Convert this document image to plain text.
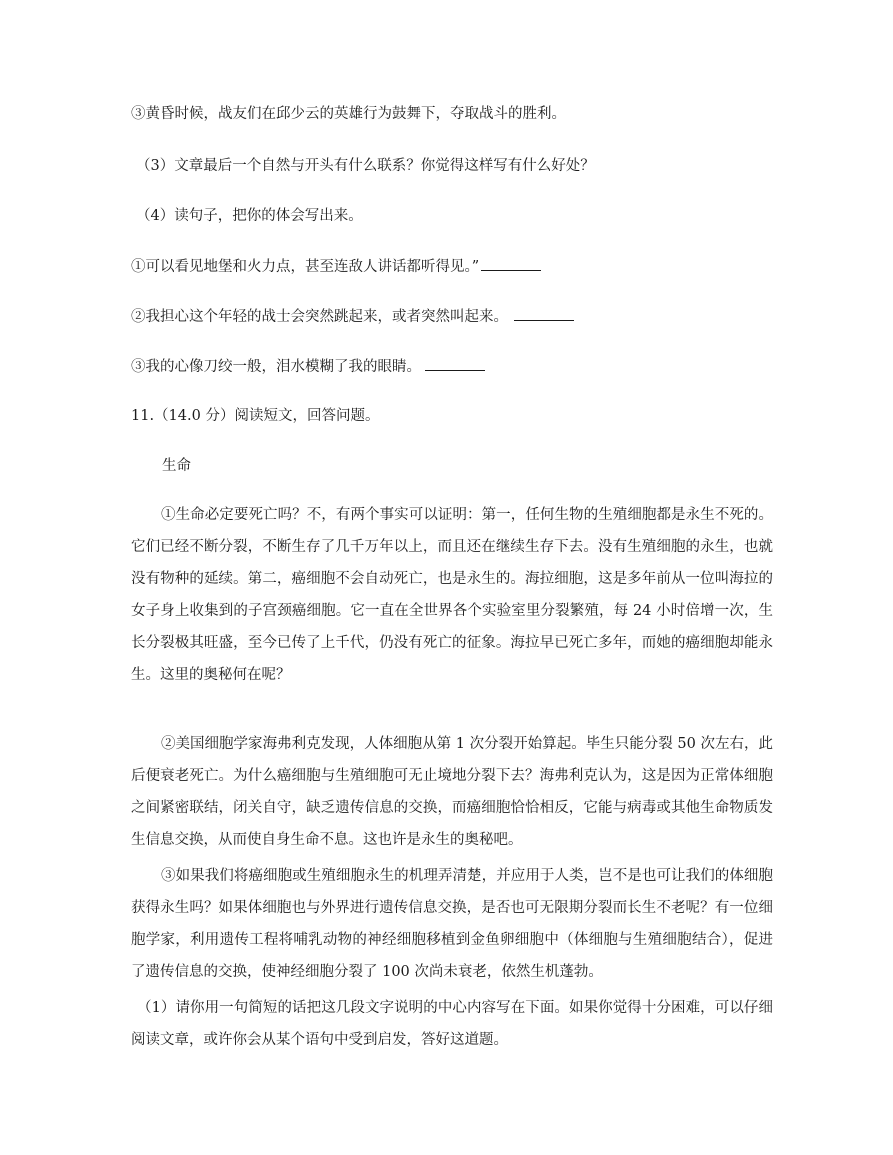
③黄昏时候，战友们在邱少云的英雄行为鼓舞下，夺取战斗的胜利。
（3）文章最后一个自然与开头有什么联系？你觉得这样写有什么好处？
（4）读句子，把你的体会写出来。
①可以看见地堡和火力点，甚至连敌人讲话都听得见。”
②我担心这个年轻的战士会突然跳起来，或者突然叫起来。
③我的心像刀绞一般，泪水模糊了我的眼睛。
11.（14.0 分）阅读短文，回答问题。
生命
①生命必定要死亡吗？不，有两个事实可以证明：第一，任何生物的生殖细胞都是永生不死的。它们已经不断分裂，不断生存了几千万年以上，而且还在继续生存下去。没有生殖细胞的永生，也就没有物种的延续。第二，癌细胞不会自动死亡，也是永生的。海拉细胞，这是多年前从一位叫海拉的女子身上收集到的子宫颈癌细胞。它一直在全世界各个实验室里分裂繁殖，每 24 小时倍增一次，生长分裂极其旺盛，至今已传了上千代，仍没有死亡的征象。海拉早已死亡多年，而她的癌细胞却能永生。这里的奥秘何在呢？
②美国细胞学家海弗利克发现，人体细胞从第 1 次分裂开始算起。毕生只能分裂 50 次左右，此后便衰老死亡。为什么癌细胞与生殖细胞可无止境地分裂下去？海弗利克认为，这是因为正常体细胞之间紧密联结，闭关自守，缺乏遗传信息的交换，而癌细胞恰恰相反，它能与病毒或其他生命物质发生信息交换，从而使自身生命不息。这也许是永生的奥秘吧。
③如果我们将癌细胞或生殖细胞永生的机理弄清楚，并应用于人类，岂不是也可让我们的体细胞获得永生吗？如果体细胞也与外界进行遗传信息交换，是否也可无限期分裂而长生不老呢？有一位细胞学家，利用遗传工程将哺乳动物的神经细胞移植到金鱼卵细胞中（体细胞与生殖细胞结合），促进了遗传信息的交换，使神经细胞分裂了 100 次尚未衰老，依然生机蓬勃。
（1）请你用一句简短的话把这几段文字说明的中心内容写在下面。如果你觉得十分困难，可以仔细阅读文章，或许你会从某个语句中受到启发，答好这道题。
